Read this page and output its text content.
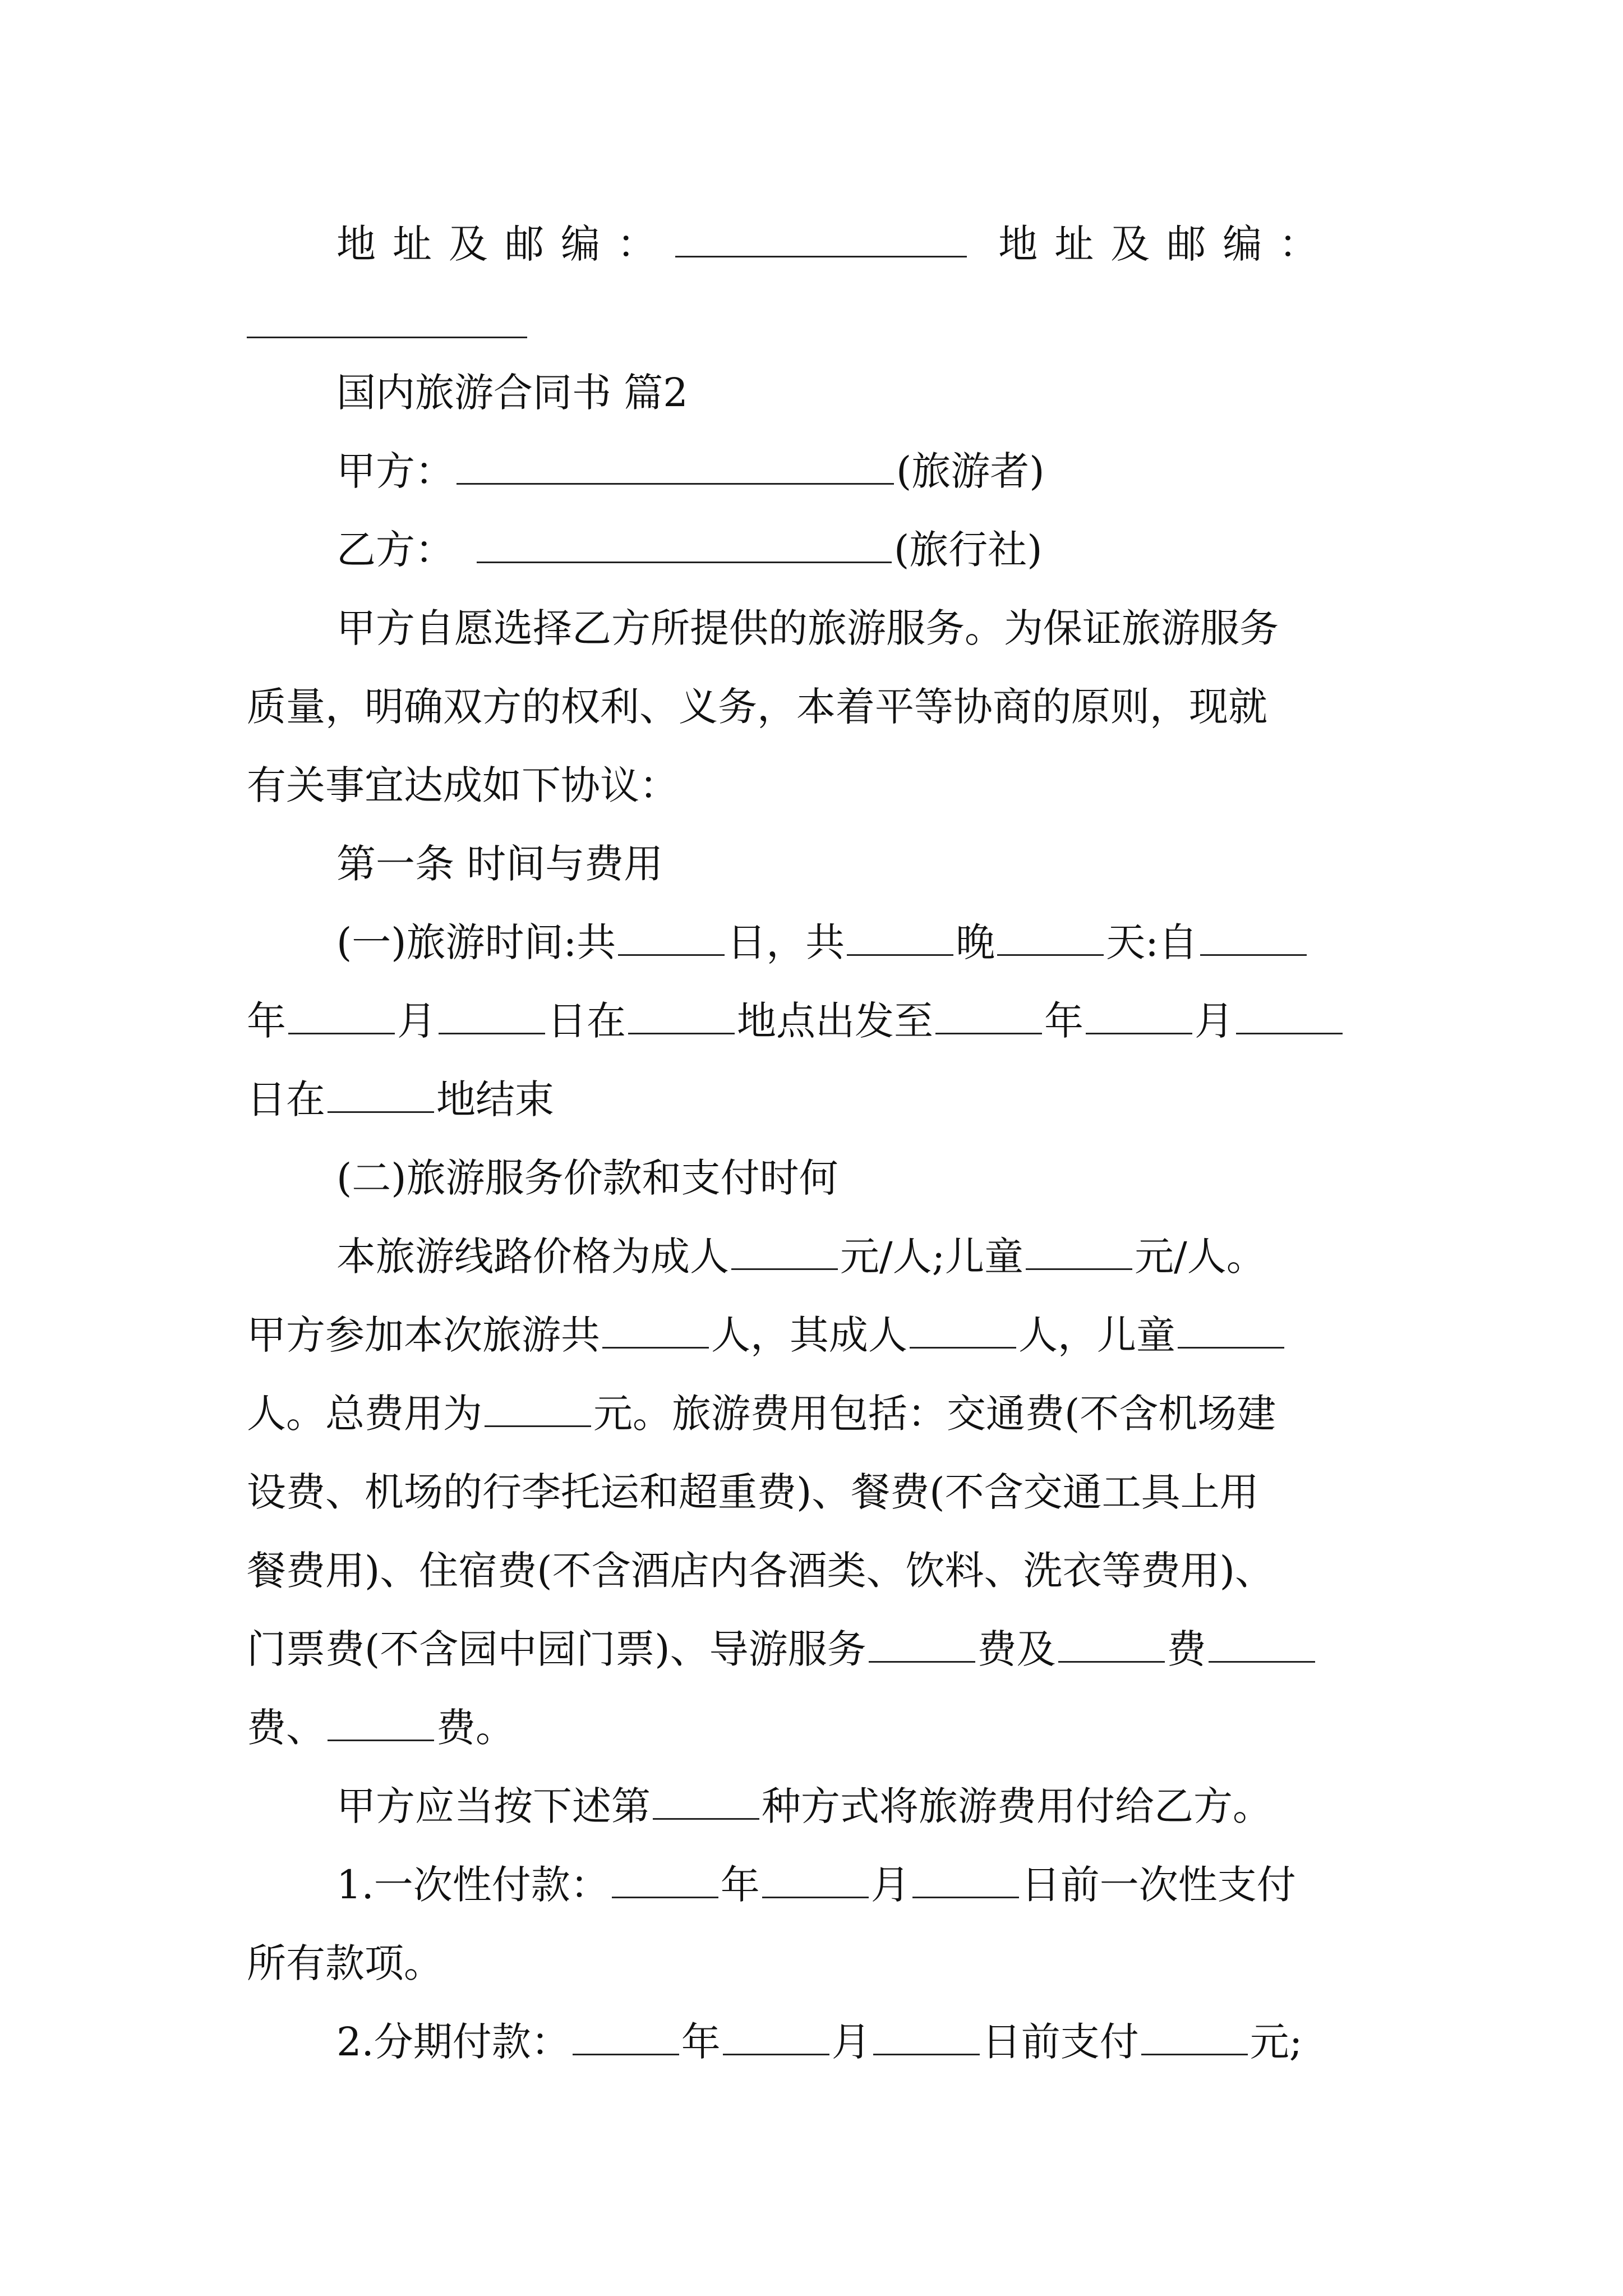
地址及邮编：	地址及邮编：
国内旅游合同书 篇2
甲方：	(旅游者)
乙方：	(旅行社)
甲方自愿选择乙方所提供的旅游服务。为保证旅游服务
质量，明确双方的权利、义务，本着平等协商的原则，现就
有关事宜达成如下协议：
第一条 时间与费用
(一)旅游时间:共	日，共	晚	天:自
年	月	日在	地点出发至	年	月
日在	地结束
(二)旅游服务价款和支付时何
本旅游线路价格为成人	元/人;儿童	元/人。
甲方参加本次旅游共	人，其成人	人，儿童
人。总费用为	元。旅游费用包括：交通费(不含机场建
设费、机场的行李托运和超重费)、餐费(不含交通工具上用
餐费用)、住宿费(不含酒店内各酒类、饮料、洗衣等费用)、
门票费(不含园中园门票)、导游服务	费及	费
费、	费。
甲方应当按下述第	种方式将旅游费用付给乙方。
1.一次性付款：	年	月	日前一次性支付
所有款项。
2.分期付款：	年	月	日前支付	元;
